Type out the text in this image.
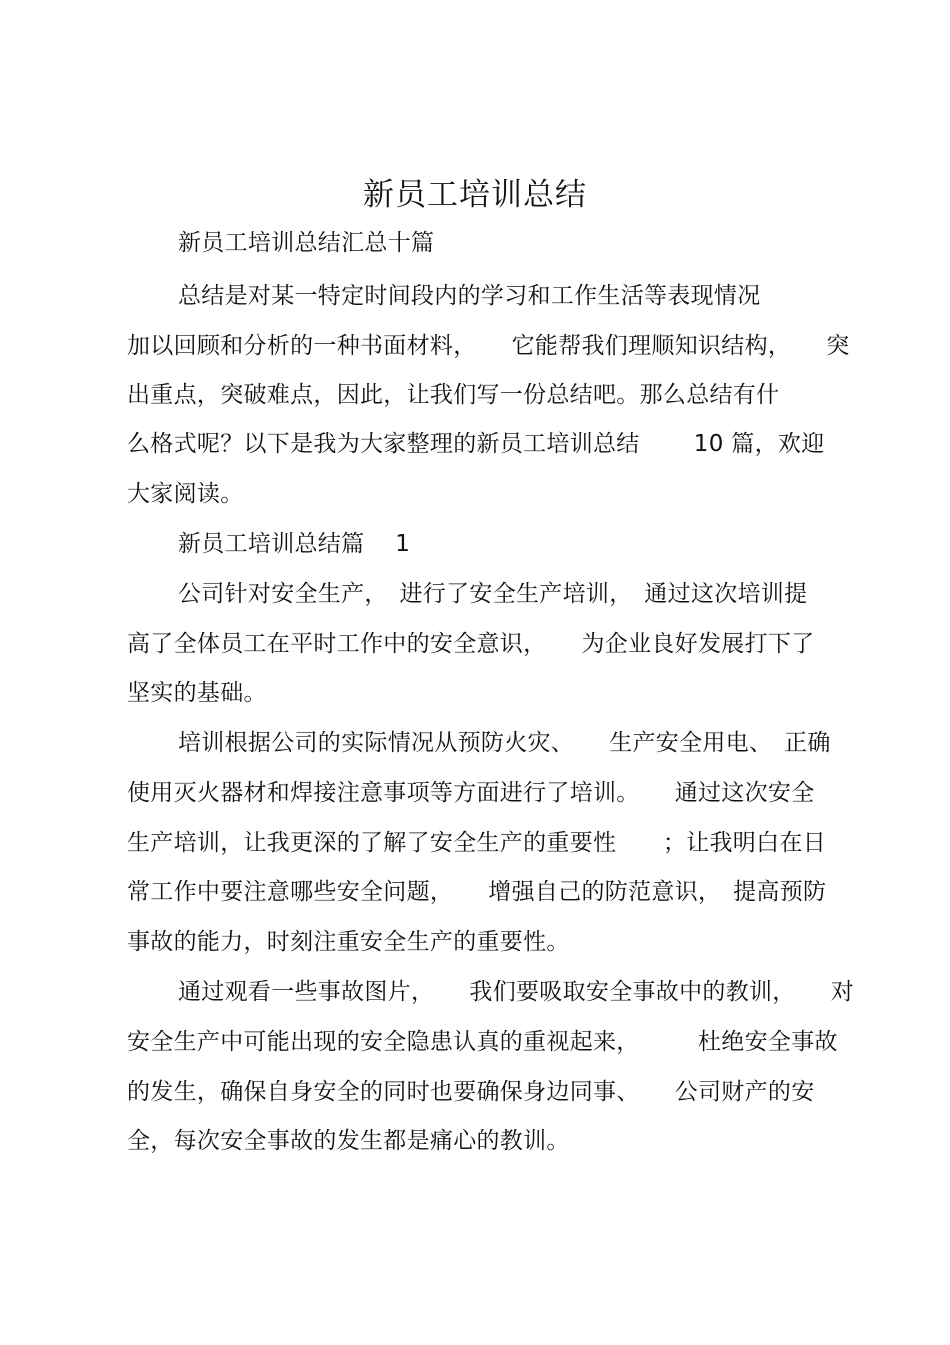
新员工培训总结
新员工培训总结汇总十篇
总结是对某一特定时间段内的学习和工作生活等表现情况
加以回顾和分析的一种书面材料，　　它能帮我们理顺知识结构，　　突
出重点，突破难点，因此，让我们写一份总结吧。那么总结有什
么格式呢？以下是我为大家整理的新员工培训总结　　 10 篇，欢迎
大家阅读。
新员工培训总结篇　 1
公司针对安全生产，　进行了安全生产培训，　通过这次培训提
高了全体员工在平时工作中的安全意识，　　为企业良好发展打下了
坚实的基础。
培训根据公司的实际情况从预防火灾、　　生产安全用电、　正确
使用灭火器材和焊接注意事项等方面进行了培训。　　通过这次安全
生产培训，让我更深的了解了安全生产的重要性　　；让我明白在日
常工作中要注意哪些安全问题，　　增强自己的防范意识，　提高预防
事故的能力，时刻注重安全生产的重要性。
通过观看一些事故图片，　　我们要吸取安全事故中的教训，　　对
安全生产中可能出现的安全隐患认真的重视起来，　　　杜绝安全事故
的发生，确保自身安全的同时也要确保身边同事、　　公司财产的安
全，每次安全事故的发生都是痛心的教训。
